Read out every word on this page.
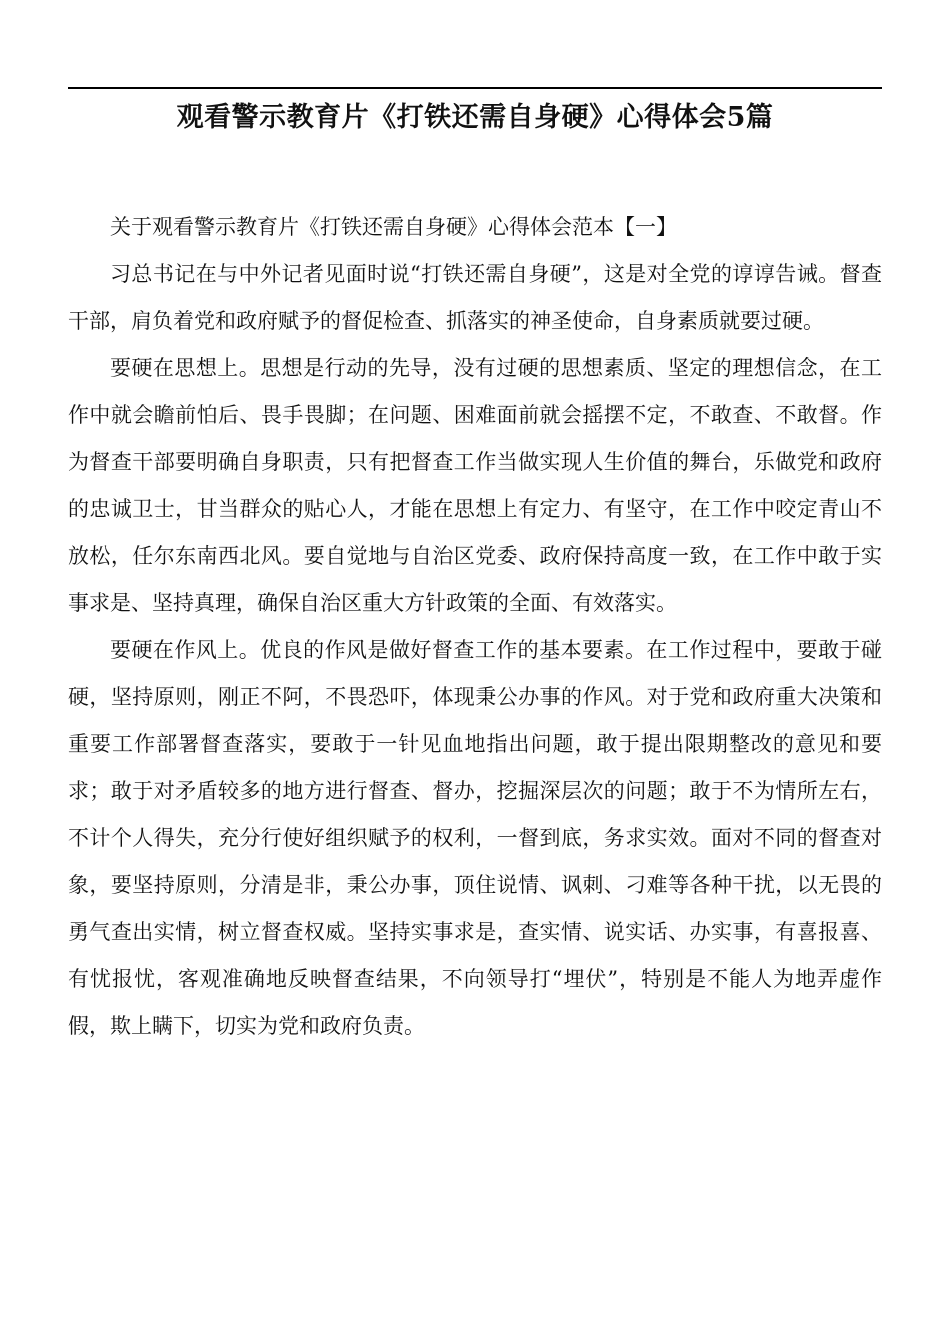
观看警示教育片《打铁还需自身硬》心得体会5篇

关于观看警示教育片《打铁还需自身硬》心得体会范本【一】

习总书记在与中外记者见面时说“打铁还需自身硬”，这是对全党的谆谆告诫。督查干部，肩负着党和政府赋予的督促检查、抓落实的神圣使命，自身素质就要过硬。

要硬在思想上。思想是行动的先导，没有过硬的思想素质、坚定的理想信念，在工作中就会瞻前怕后、畏手畏脚；在问题、困难面前就会摇摆不定，不敢查、不敢督。作为督查干部要明确自身职责，只有把督查工作当做实现人生价值的舞台，乐做党和政府的忠诚卫士，甘当群众的贴心人，才能在思想上有定力、有坚守，在工作中咬定青山不放松，任尔东南西北风。要自觉地与自治区党委、政府保持高度一致，在工作中敢于实事求是、坚持真理，确保自治区重大方针政策的全面、有效落实。

要硬在作风上。优良的作风是做好督查工作的基本要素。在工作过程中，要敢于碰硬，坚持原则，刚正不阿，不畏恐吓，体现秉公办事的作风。对于党和政府重大决策和重要工作部署督查落实，要敢于一针见血地指出问题，敢于提出限期整改的意见和要求；敢于对矛盾较多的地方进行督查、督办，挖掘深层次的问题；敢于不为情所左右，不计个人得失，充分行使好组织赋予的权利，一督到底，务求实效。面对不同的督查对象，要坚持原则，分清是非，秉公办事，顶住说情、讽刺、刁难等各种干扰，以无畏的勇气查出实情，树立督查权威。坚持实事求是，查实情、说实话、办实事，有喜报喜、有忧报忧，客观准确地反映督查结果，不向领导打“埋伏”，特别是不能人为地弄虚作假，欺上瞒下，切实为党和政府负责。
